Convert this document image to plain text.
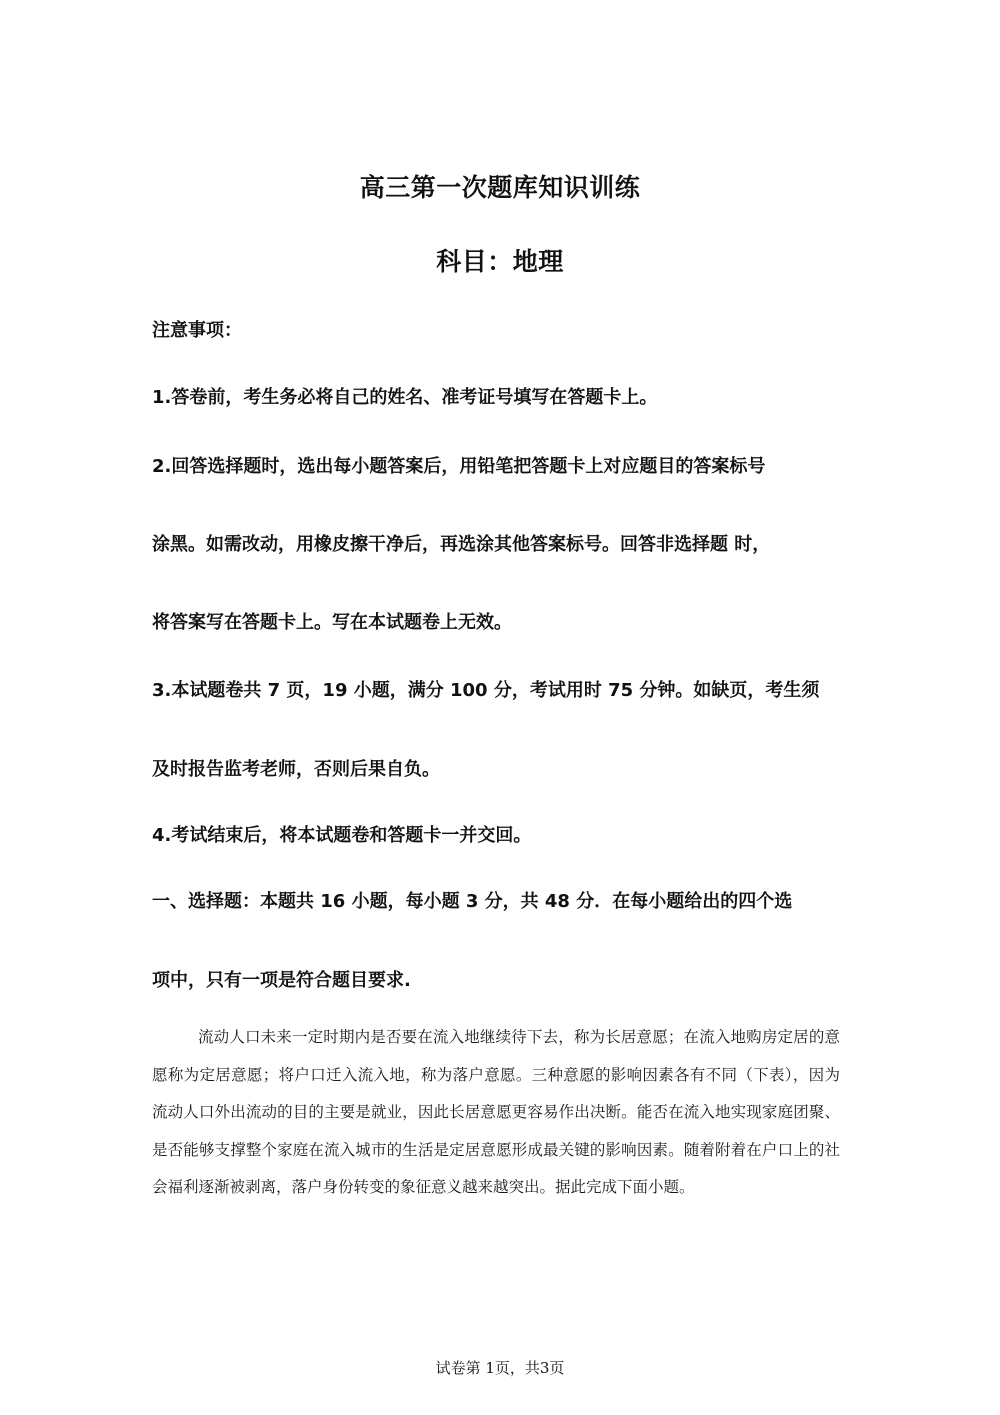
高三第一次题库知识训练
科目：地理
注意事项：
1.答卷前，考生务必将自己的姓名、准考证号填写在答题卡上。
2.回答选择题时，选出每小题答案后，用铅笔把答题卡上对应题目的答案标号
涂黑。如需改动，用橡皮擦干净后，再选涂其他答案标号。回答非选择题 时，
将答案写在答题卡上。写在本试题卷上无效。
3.本试题卷共 7 页，19 小题，满分 100 分，考试用时 75 分钟。如缺页，考生须
及时报告监考老师，否则后果自负。
4.考试结束后，将本试题卷和答题卡一并交回。
一、选择题：本题共 16 小题，每小题 3 分，共 48 分．在每小题给出的四个选
项中，只有一项是符合题目要求.
流动人口未来一定时期内是否要在流入地继续待下去，称为长居意愿；在流入地购房定居的意愿称为定居意愿；将户口迁入流入地，称为落户意愿。三种意愿的影响因素各有不同（下表），因为流动人口外出流动的目的主要是就业，因此长居意愿更容易作出决断。能否在流入地实现家庭团聚、是否能够支撑整个家庭在流入城市的生活是定居意愿形成最关键的影响因素。随着附着在户口上的社会福利逐渐被剥离，落户身份转变的象征意义越来越突出。据此完成下面小题。
试卷第 1页，共3页
